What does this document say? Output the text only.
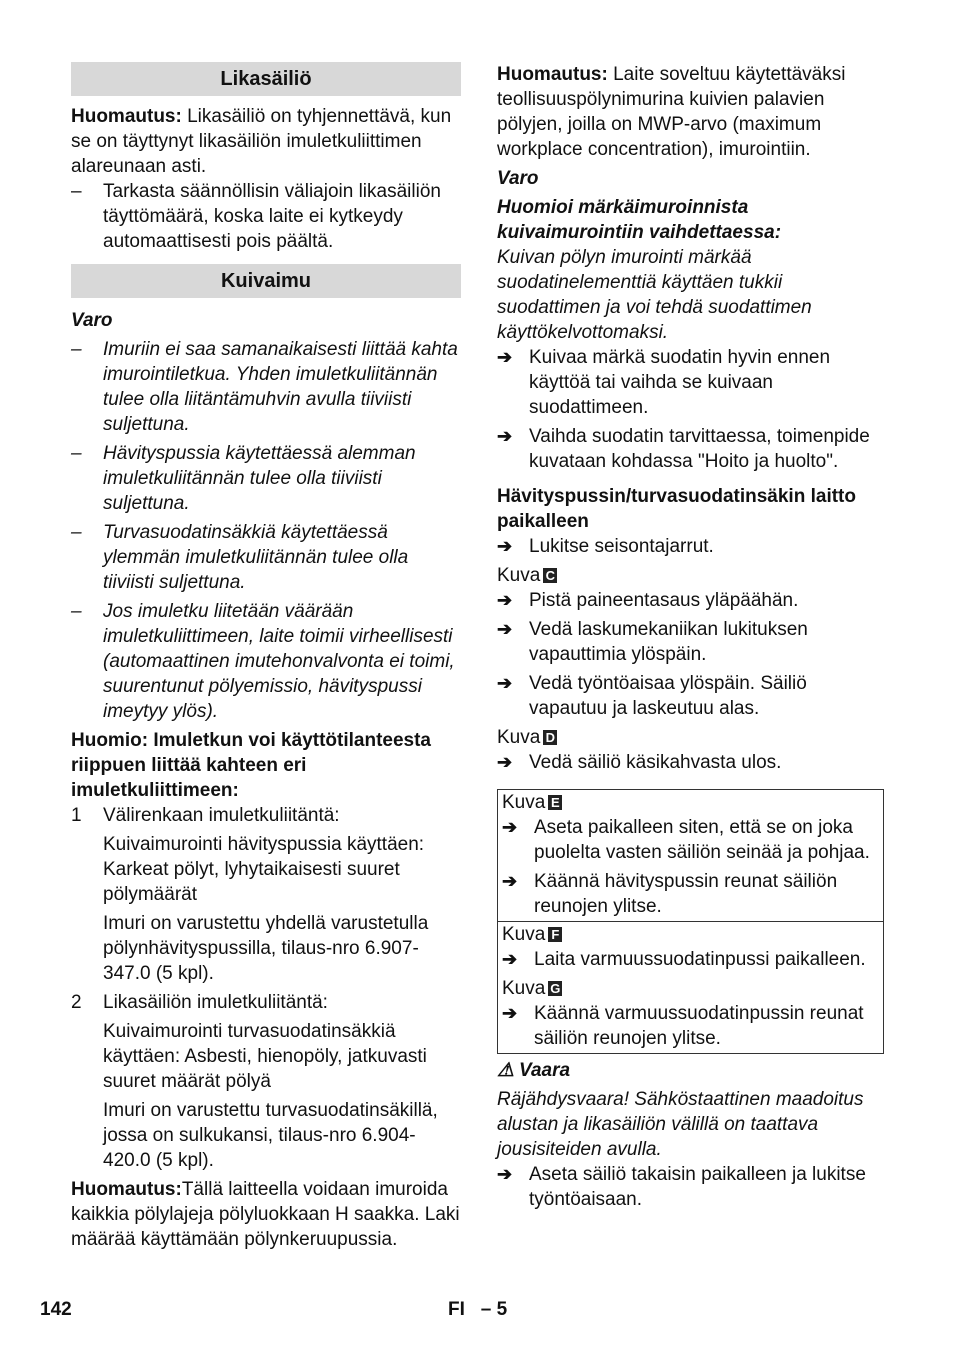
Likasäiliö

Huomautus: Likasäiliö on tyhjennettävä, kun se on täyttynyt likasäiliön imuletkuliittimen alareunaan asti.

–	Tarkasta säännöllisin väliajoin likasäiliön täyttömäärä, koska laite ei kytkeydy automaattisesti pois päältä.
Kuivaimu

Varo

–	Imuriin ei saa samanaikaisesti liittää kahta imurointiletkua. Yhden imuletkuliitännän tulee olla liitäntämuhvin avulla tiiviisti suljettuna.
–	Hävityspussia käytettäessä alemman imuletkuliitännän tulee olla tiiviisti suljettuna.
–	Turvasuodatinsäkkiä käytettäessä ylemmän imuletkuliitännän tulee olla tiiviisti suljettuna.
–	Jos imuletku liitetään väärään imuletkuliittimeen, laite toimii virheellisesti (automaattinen imutehonvalvonta ei toimi, suurentunut pölyemissio, hävityspussi imeytyy ylös).

Huomio: Imuletkun voi käyttötilanteesta riippuen liittää kahteen eri imuletkuliittimeen:

1	Välirenkaan imuletkuliitäntä:

Kuivaimurointi hävityspussia käyttäen: Karkeat pölyt, lyhytaikaisesti suuret pölymäärät

Imuri on varustettu yhdellä varustetulla pölynhävityspussilla, tilaus-nro 6.907-347.0 (5 kpl).

2	Likasäiliön imuletkuliitäntä:

Kuivaimurointi turvasuodatinsäkkiä käyttäen: Asbesti, hienopöly, jatkuvasti suuret määrät pölyä

Imuri on varustettu turvasuodatinsäkillä, jossa on sulkukansi, tilaus-nro 6.904-420.0 (5 kpl).

Huomautus:Tällä laitteella voidaan imuroida kaikkia pölylajeja pölyluokkaan H saakka. Laki määrää käyttämään pölynkeruupussia.

Huomautus: Laite soveltuu käytettäväksi teollisuuspölynimurina kuivien palavien pölyjen, joilla on MWP-arvo (maximum workplace concentration), imurointiin.

Varo

Huomioi märkäimuroinnista kuivaimurointiin vaihdettaessa:

Kuivan pölyn imurointi märkää suodatinelementtiä käyttäen tukkii suodattimen ja voi tehdä suodattimen käyttökelvottomaksi.

➔ Kuivaa märkä suodatin hyvin ennen käyttöä tai vaihda se kuivaan suodattimeen.
➔ Vaihda suodatin tarvittaessa, toimenpide kuvataan kohdassa "Hoito ja huolto".

Hävityspussin/turvasuodatinsäkin laitto paikalleen

➔ Lukitse seisontajarrut.

Kuva C

➔ Pistä paineentasaus yläpäähän.
➔ Vedä laskumekaniikan lukituksen vapauttimia ylöspäin.
➔ Vedä työntöaisaa ylöspäin. Säiliö vapautuu ja laskeutuu alas.

Kuva D

➔ Vedä säiliö käsikahvasta ulos.

Kuva E

➔ Aseta paikalleen siten, että se on joka puolelta vasten säiliön seinää ja pohjaa.
➔ Käännä hävityspussin reunat säiliön reunojen ylitse.

Kuva F

➔ Laita varmuussuodatinpussi paikalleen.

Kuva G

➔ Käännä varmuussuodatinpussin reunat säiliön reunojen ylitse.

⚠ Vaara

Räjähdysvaara! Sähköstaattinen maadoitus alustan ja likasäiliön välillä on taattava jousisiteiden avulla.

➔ Aseta säiliö takaisin paikalleen ja lukitse työntöaisaan.
142	FI   – 5
